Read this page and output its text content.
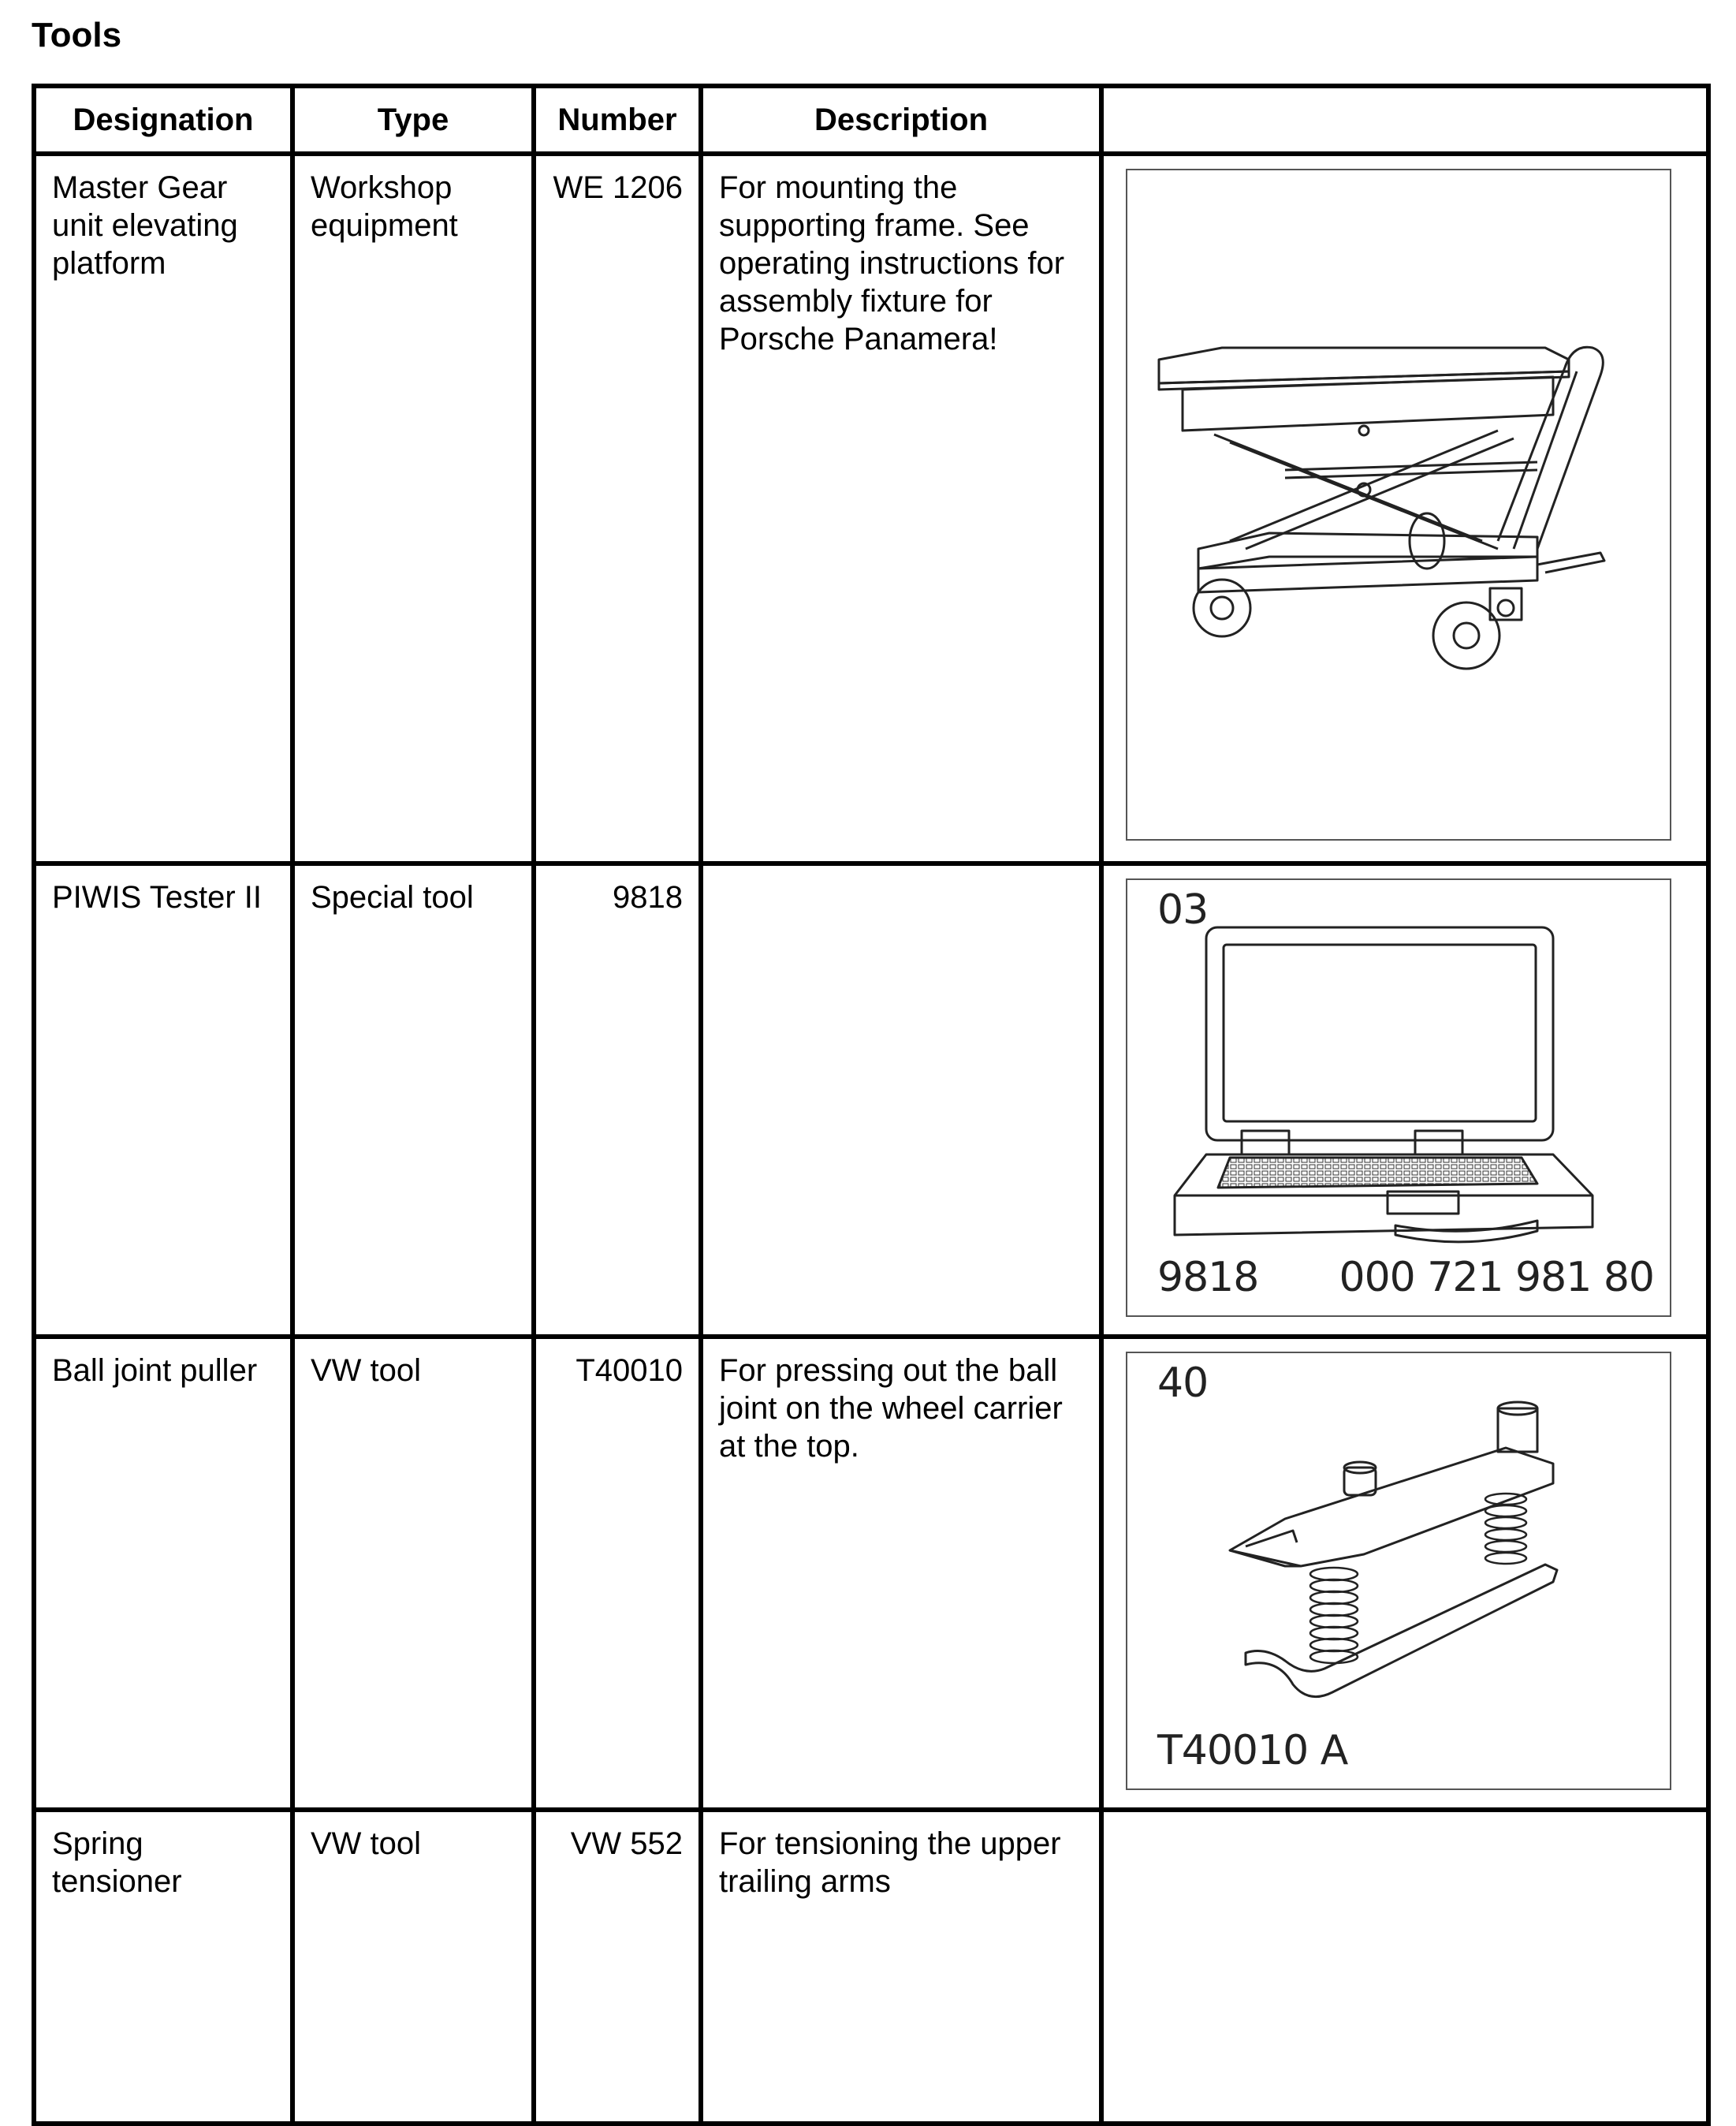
Tools
Designation	Type	Number	Description	
Master Gear unit elevating platform	Workshop equipment	WE 1206	For mounting the supporting frame. See operating instructions for assembly fixture for Porsche Panamera!	

PIWIS Tester II	Special tool	9818		03
9818 000 721 981 80

Ball joint puller	VW tool	T40010	For pressing out the ball joint on the wheel carrier at the top.	40
T40010 A

Spring tensioner	VW tool	VW 552	For tensioning the upper trailing arms	
